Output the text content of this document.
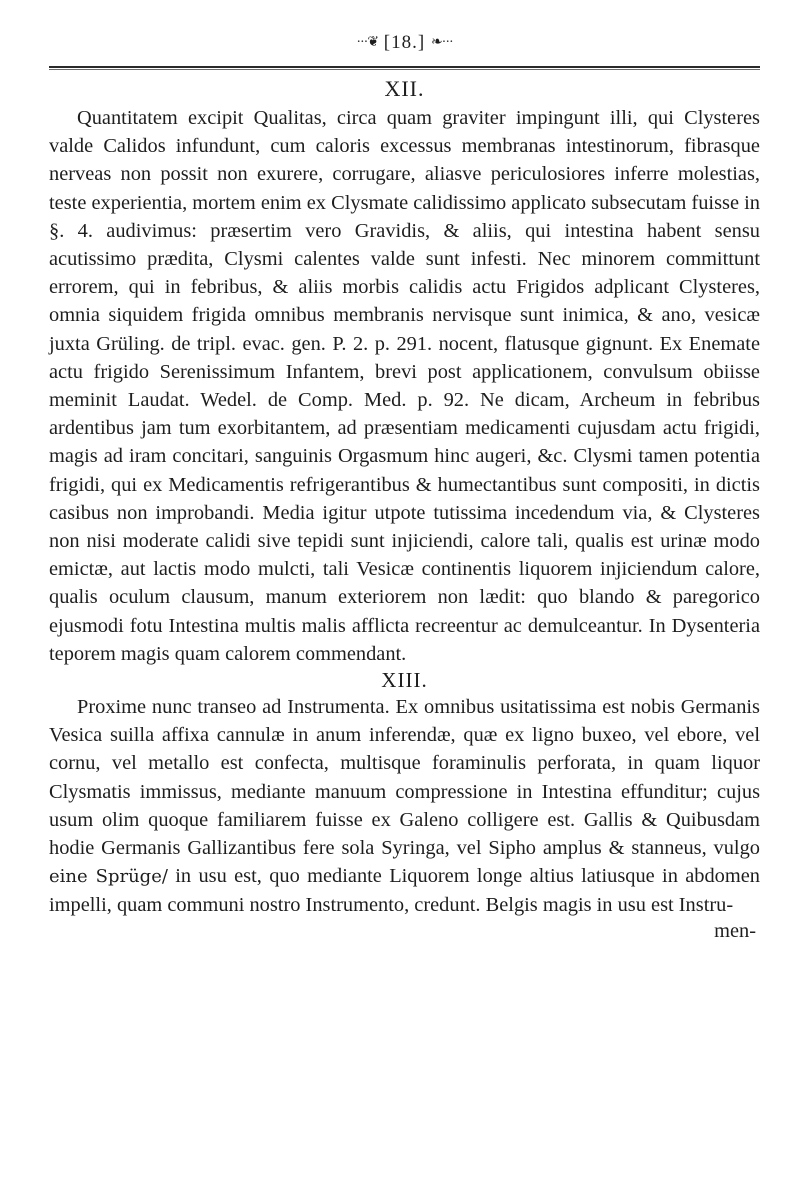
···❦ [18.] ❧···
XII.

Quantitatem excipit Qualitas, circa quam graviter impingunt illi, qui Clysteres valde Calidos infundunt, cum caloris excessus membranas intestinorum, fibrasque nerveas non possit non exurere, corrugare, aliasve periculosiores inferre molestias, teste experientia, mortem enim ex Clysmate calidissimo applicato subsecutam fuisse in §. 4. audivimus: præsertim vero Gravidis, & aliis, qui intestina habent sensu acutissimo prædita, Clysmi calentes valde sunt infesti. Nec minorem committunt errorem, qui in febribus, & aliis morbis calidis actu Frigidos adplicant Clysteres, omnia siquidem frigida omnibus membranis nervisque sunt inimica, & ano, vesicæ juxta Grüling. de tripl. evac. gen. P. 2. p. 291. nocent, flatusque gignunt. Ex Enemate actu frigido Serenissimum Infantem, brevi post applicationem, convulsum obiisse meminit Laudat. Wedel. de Comp. Med. p. 92. Ne dicam, Archeum in febribus ardentibus jam tum exorbitantem, ad præsentiam medicamenti cujusdam actu frigidi, magis ad iram concitari, sanguinis Orgasmum hinc augeri, &c. Clysmi tamen potentia frigidi, qui ex Medicamentis refrigerantibus & humectantibus sunt compositi, in dictis casibus non improbandi. Media igitur utpote tutissima incedendum via, & Clysteres non nisi moderate calidi sive tepidi sunt injiciendi, calore tali, qualis est urinæ modo emictæ, aut lactis modo mulcti, tali Vesicæ continentis liquorem injiciendum calore, qualis oculum clausum, manum exteriorem non lædit: quo blando & paregorico ejusmodi fotu Intestina multis malis afflicta recreentur ac demulceantur. In Dysenteria teporem magis quam calorem commendant.

XIII.

Proxime nunc transeo ad Instrumenta. Ex omnibus usitatissima est nobis Germanis Vesica suilla affixa cannulæ in anum inferendæ, quæ ex ligno buxeo, vel ebore, vel cornu, vel metallo est confecta, multisque foraminulis perforata, in quam liquor Clysmatis immissus, mediante manuum compressione in Intestina effunditur; cujus usum olim quoque familiarem fuisse ex Galeno colligere est. Gallis & Quibusdam hodie Germanis Gallizantibus fere sola Syringa, vel Sipho amplus & stanneus, vulgo eine Sprüge/ in usu est, quo mediante Liquorem longe altius latiusque in abdomen impelli, quam communi nostro Instrumento, credunt. Belgis magis in usu est Instru-

men-
